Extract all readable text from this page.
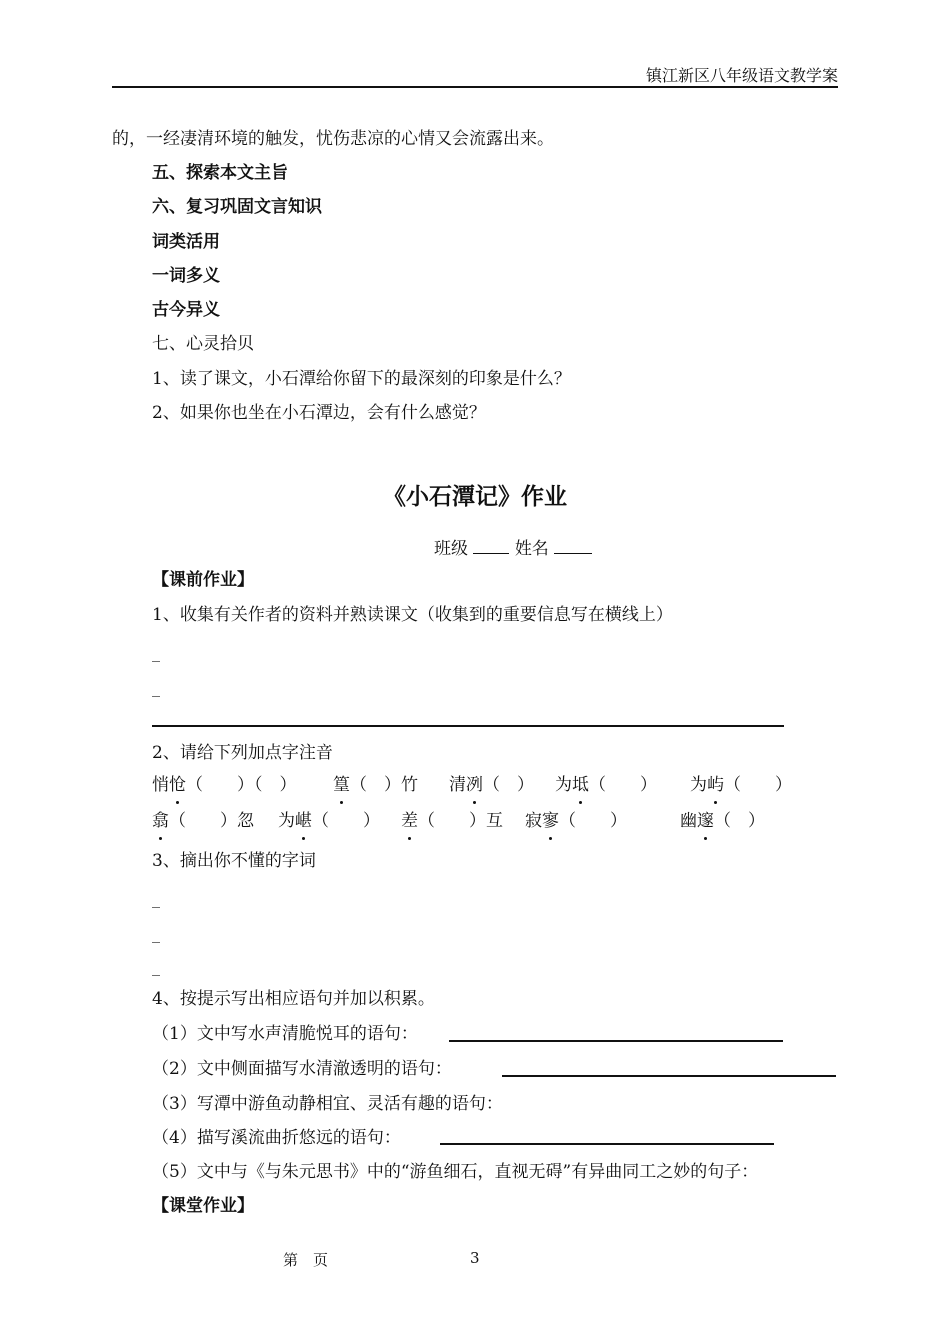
镇江新区八年级语文教学案
的，一经凄清环境的触发，忧伤悲凉的心情又会流露出来。
五、探索本文主旨
六、复习巩固文言知识
词类活用
一词多义
古今异义
七、心灵拾贝
1、读了课文，小石潭给你留下的最深刻的印象是什么？
2、如果你也坐在小石潭边，会有什么感觉？
《小石潭记》作业
班级	姓名
【课前作业】
1、收集有关作者的资料并熟读课文（收集到的重要信息写在横线上）
_
_
2、请给下列加点字注音
悄怆（　　）（　） 篁（　）竹 清冽（　） 为坻（　　） 为屿（　　）
翕（　　）忽 为嵁（　　） 差（　　）互 寂寥（　　）	幽邃（　）
3、摘出你不懂的字词
_
_
_
4、按提示写出相应语句并加以积累。
（1）文中写水声清脆悦耳的语句：
（2）文中侧面描写水清澈透明的语句：
（3）写潭中游鱼动静相宜、灵活有趣的语句：
（4）描写溪流曲折悠远的语句：
（5）文中与《与朱元思书》中的“游鱼细石，直视无碍”有异曲同工之妙的句子：
【课堂作业】
第　页	3
